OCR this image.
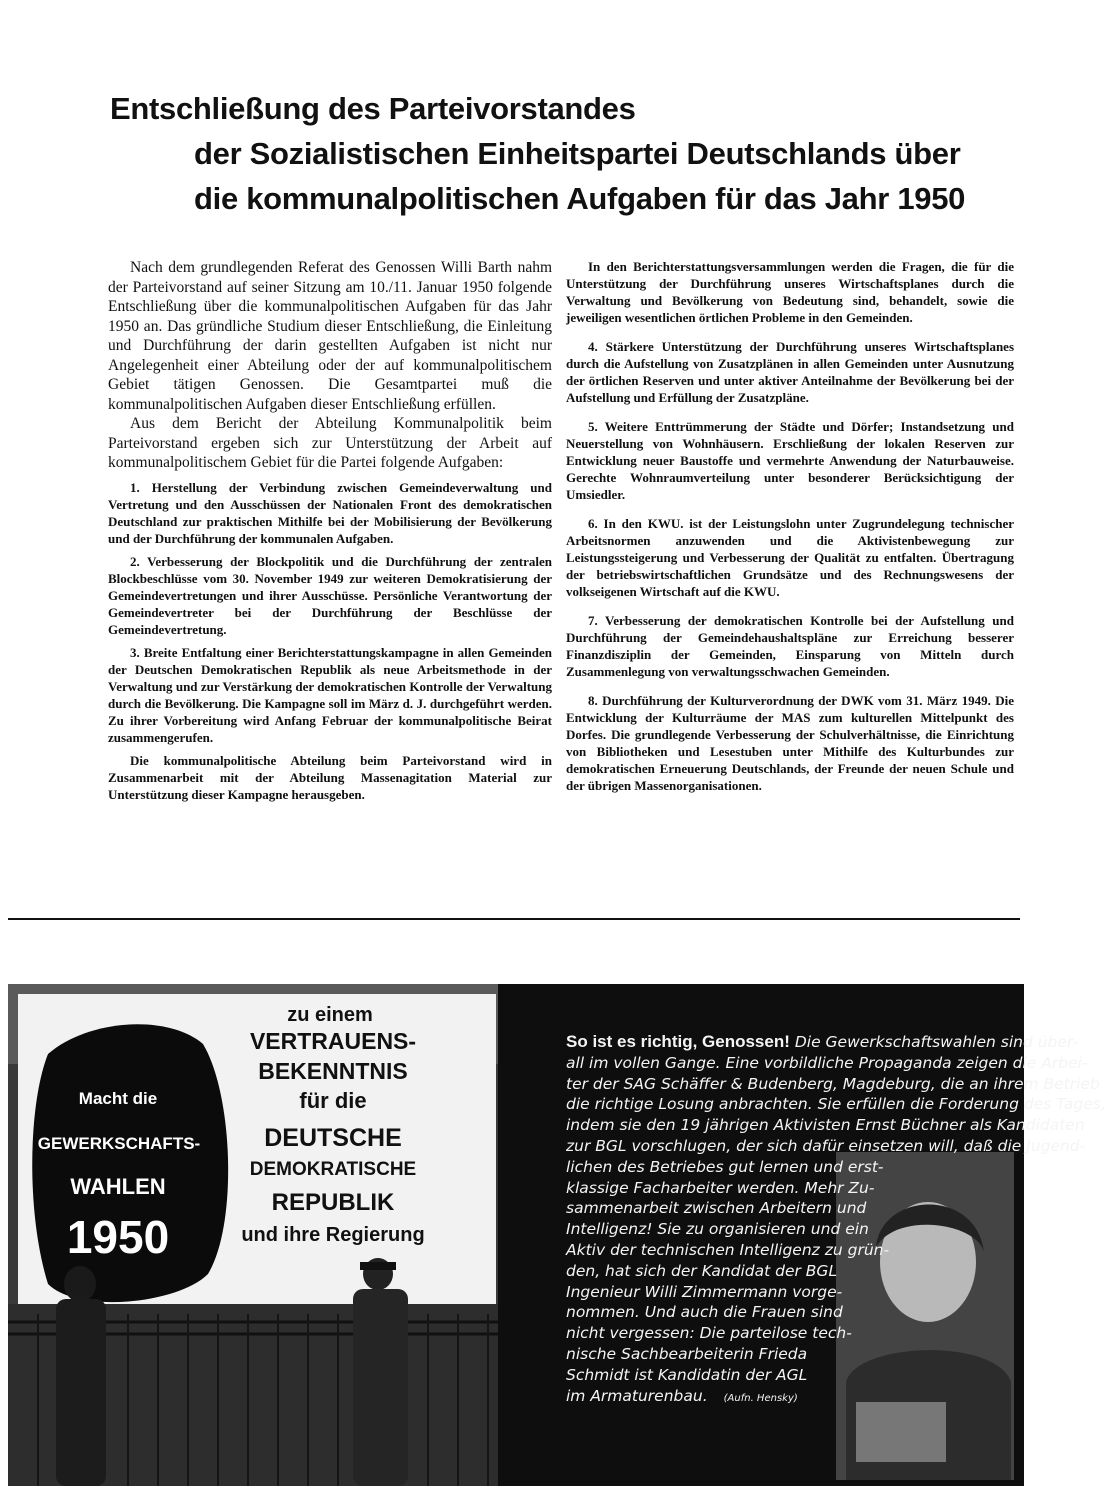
Entschließung des Parteivorstandes
der Sozialistischen Einheitspartei Deutschlands über
die kommunalpolitischen Aufgaben für das Jahr 1950

Nach dem grundlegenden Referat des Genossen Willi Barth nahm der Parteivorstand auf seiner Sitzung am 10./11. Januar 1950 folgende Entschließung über die kommunalpolitischen Aufgaben für das Jahr 1950 an. Das gründliche Studium dieser Entschließung, die Einleitung und Durchführung der darin gestellten Aufgaben ist nicht nur Angelegenheit einer Abteilung oder der auf kommunalpolitischem Gebiet tätigen Genossen. Die Gesamtpartei muß die kommunalpolitischen Aufgaben dieser Entschließung erfüllen.

Aus dem Bericht der Abteilung Kommunalpolitik beim Parteivorstand ergeben sich zur Unterstützung der Arbeit auf kommunalpolitischem Gebiet für die Partei folgende Aufgaben:

1. Herstellung der Verbindung zwischen Gemeindeverwaltung und Vertretung und den Ausschüssen der Nationalen Front des demokratischen Deutschland zur praktischen Mithilfe bei der Mobilisierung der Bevölkerung und der Durchführung der kommunalen Aufgaben.

2. Verbesserung der Blockpolitik und die Durchführung der zentralen Blockbeschlüsse vom 30. November 1949 zur weiteren Demokratisierung der Gemeindevertretungen und ihrer Ausschüsse. Persönliche Verantwortung der Gemeindevertreter bei der Durchführung der Beschlüsse der Gemeindevertretung.

3. Breite Entfaltung einer Berichterstattungskampagne in allen Gemeinden der Deutschen Demokratischen Republik als neue Arbeitsmethode in der Verwaltung und zur Verstärkung der demokratischen Kontrolle der Verwaltung durch die Bevölkerung. Die Kampagne soll im März d. J. durchgeführt werden. Zu ihrer Vorbereitung wird Anfang Februar der kommunalpolitische Beirat zusammengerufen.

Die kommunalpolitische Abteilung beim Parteivorstand wird in Zusammenarbeit mit der Abteilung Massenagitation Material zur Unterstützung dieser Kampagne herausgeben.

In den Berichterstattungsversammlungen werden die Fragen, die für die Unterstützung der Durchführung unseres Wirtschaftsplanes durch die Verwaltung und Bevölkerung von Bedeutung sind, behandelt, sowie die jeweiligen wesentlichen örtlichen Probleme in den Gemeinden.

4. Stärkere Unterstützung der Durchführung unseres Wirtschaftsplanes durch die Aufstellung von Zusatzplänen in allen Gemeinden unter Ausnutzung der örtlichen Reserven und unter aktiver Anteilnahme der Bevölkerung bei der Aufstellung und Erfüllung der Zusatzpläne.

5. Weitere Enttrümmerung der Städte und Dörfer; Instandsetzung und Neuerstellung von Wohnhäusern. Erschließung der lokalen Reserven zur Entwicklung neuer Baustoffe und vermehrte Anwendung der Naturbauweise. Gerechte Wohnraumverteilung unter besonderer Berücksichtigung der Umsiedler.

6. In den KWU. ist der Leistungslohn unter Zugrundelegung technischer Arbeitsnormen anzuwenden und die Aktivistenbewegung zur Leistungssteigerung und Verbesserung der Qualität zu entfalten. Übertragung der betriebswirtschaftlichen Grundsätze und des Rechnungswesens der volkseigenen Wirtschaft auf die KWU.

7. Verbesserung der demokratischen Kontrolle bei der Aufstellung und Durchführung der Gemeindehaushaltspläne zur Erreichung besserer Finanzdisziplin der Gemeinden, Einsparung von Mitteln durch Zusammenlegung von verwaltungsschwachen Gemeinden.

8. Durchführung der Kulturverordnung der DWK vom 31. März 1949. Die Entwicklung der Kulturräume der MAS zum kulturellen Mittelpunkt des Dorfes. Die grundlegende Verbesserung der Schulverhältnisse, die Einrichtung von Bibliotheken und Lesestuben unter Mithilfe des Kulturbundes zur demokratischen Erneuerung Deutschlands, der Freunde der neuen Schule und der übrigen Massenorganisationen.

Macht die
GEWERKSCHAFTS-
WAHLEN
1950
zu einem
VERTRAUENS-
BEKENNTNIS
für die
DEUTSCHE
DEMOKRATISCHE
REPUBLIK
und ihre Regierung
So ist es richtig, Genossen! Die Gewerkschaftswahlen sind über-
all im vollen Gange. Eine vorbildliche Propaganda zeigen die Arbei-
ter der SAG Schäffer & Budenberg, Magdeburg, die an ihrem Betrieb
die richtige Losung anbrachten. Sie erfüllen die Forderung des Tages,
indem sie den 19 jährigen Aktivisten Ernst Büchner als Kandidaten
zur BGL vorschlugen, der sich dafür einsetzen will, daß die Jugend-
lichen des Betriebes gut lernen und erst-
klassige Facharbeiter werden. Mehr Zu-
sammenarbeit zwischen Arbeitern und
Intelligenz! Sie zu organisieren und ein
Aktiv der technischen Intelligenz zu grün-
den, hat sich der Kandidat der BGL
Ingenieur Willi Zimmermann vorge-
nommen. Und auch die Frauen sind
nicht vergessen: Die parteilose tech-
nische Sachbearbeiterin Frieda
Schmidt ist Kandidatin der AGL
im Armaturenbau. (Aufn. Hensky)
